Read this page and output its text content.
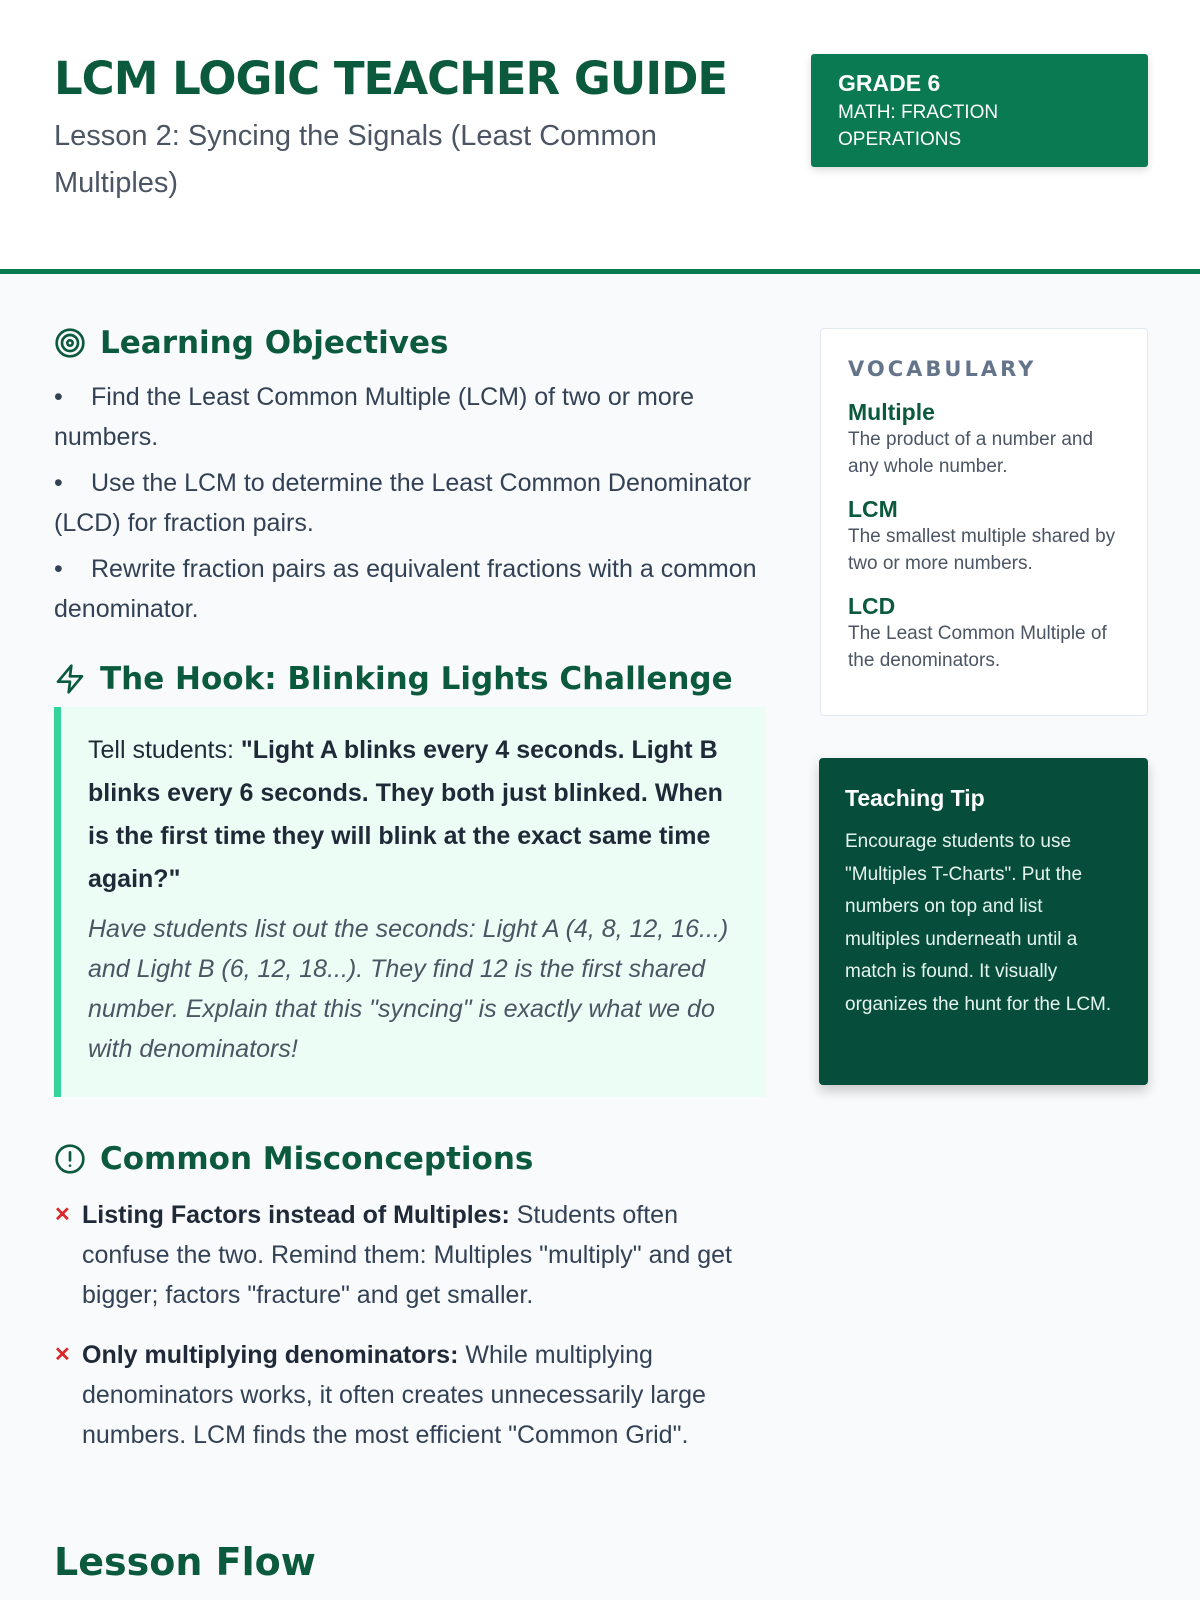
LCM LOGIC TEACHER GUIDE
Lesson 2: Syncing the Signals (Least Common Multiples)
GRADE 6
MATH: FRACTION OPERATIONS
Learning Objectives
• Find the Least Common Multiple (LCM) of two or more numbers.
• Use the LCM to determine the Least Common Denominator (LCD) for fraction pairs.
• Rewrite fraction pairs as equivalent fractions with a common denominator.
The Hook: Blinking Lights Challenge
Tell students: "Light A blinks every 4 seconds. Light B blinks every 6 seconds. They both just blinked. When is the first time they will blink at the exact same time again?"
Have students list out the seconds: Light A (4, 8, 12, 16...) and Light B (6, 12, 18...). They find 12 is the first shared number. Explain that this "syncing" is exactly what we do with denominators!
Common Misconceptions
✕ Listing Factors instead of Multiples: Students often confuse the two. Remind them: Multiples "multiply" and get bigger; factors "fracture" and get smaller.
✕ Only multiplying denominators: While multiplying denominators works, it often creates unnecessarily large numbers. LCM finds the most efficient "Common Grid".
VOCABULARY
Multiple
The product of a number and any whole number.
LCM
The smallest multiple shared by two or more numbers.
LCD
The Least Common Multiple of the denominators.
Teaching Tip
Encourage students to use "Multiples T-Charts". Put the numbers on top and list multiples underneath until a match is found. It visually organizes the hunt for the LCM.
Lesson Flow
